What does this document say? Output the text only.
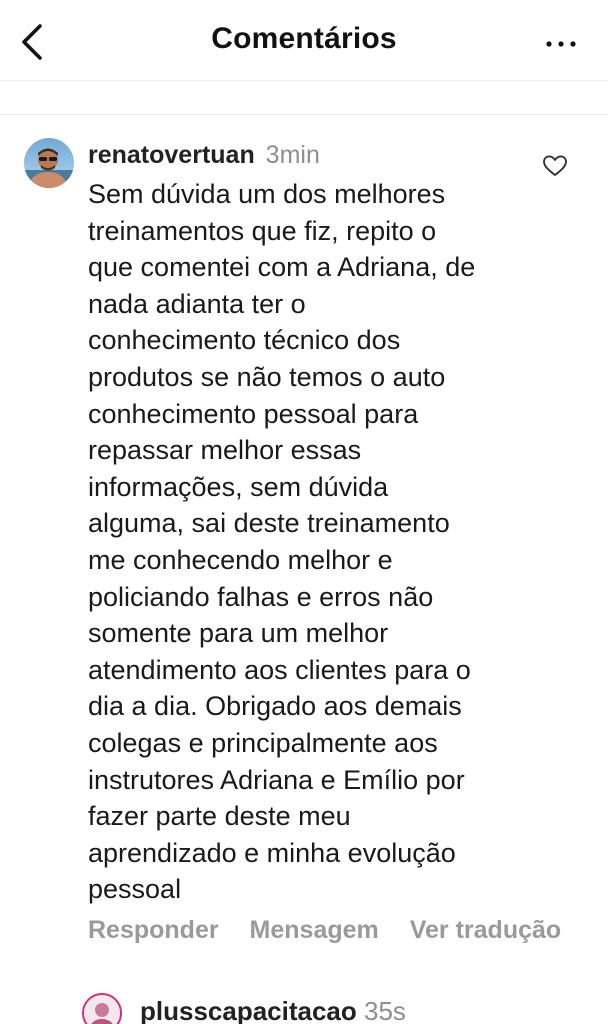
Comentários
renatovertuan 3min
Sem dúvida um dos melhores
treinamentos que fiz, repito o
que comentei com a Adriana, de
nada adianta ter o
conhecimento técnico dos
produtos se não temos o auto
conhecimento pessoal para
repassar melhor essas
informações, sem dúvida
alguma, sai deste treinamento
me conhecendo melhor e
policiando falhas e erros não
somente para um melhor
atendimento aos clientes para o
dia a dia. Obrigado aos demais
colegas e principalmente aos
instrutores Adriana e Emílio por
fazer parte deste meu
aprendizado e minha evolução
pessoal
Responder Mensagem Ver tradução
plusscapacitacao 35s
